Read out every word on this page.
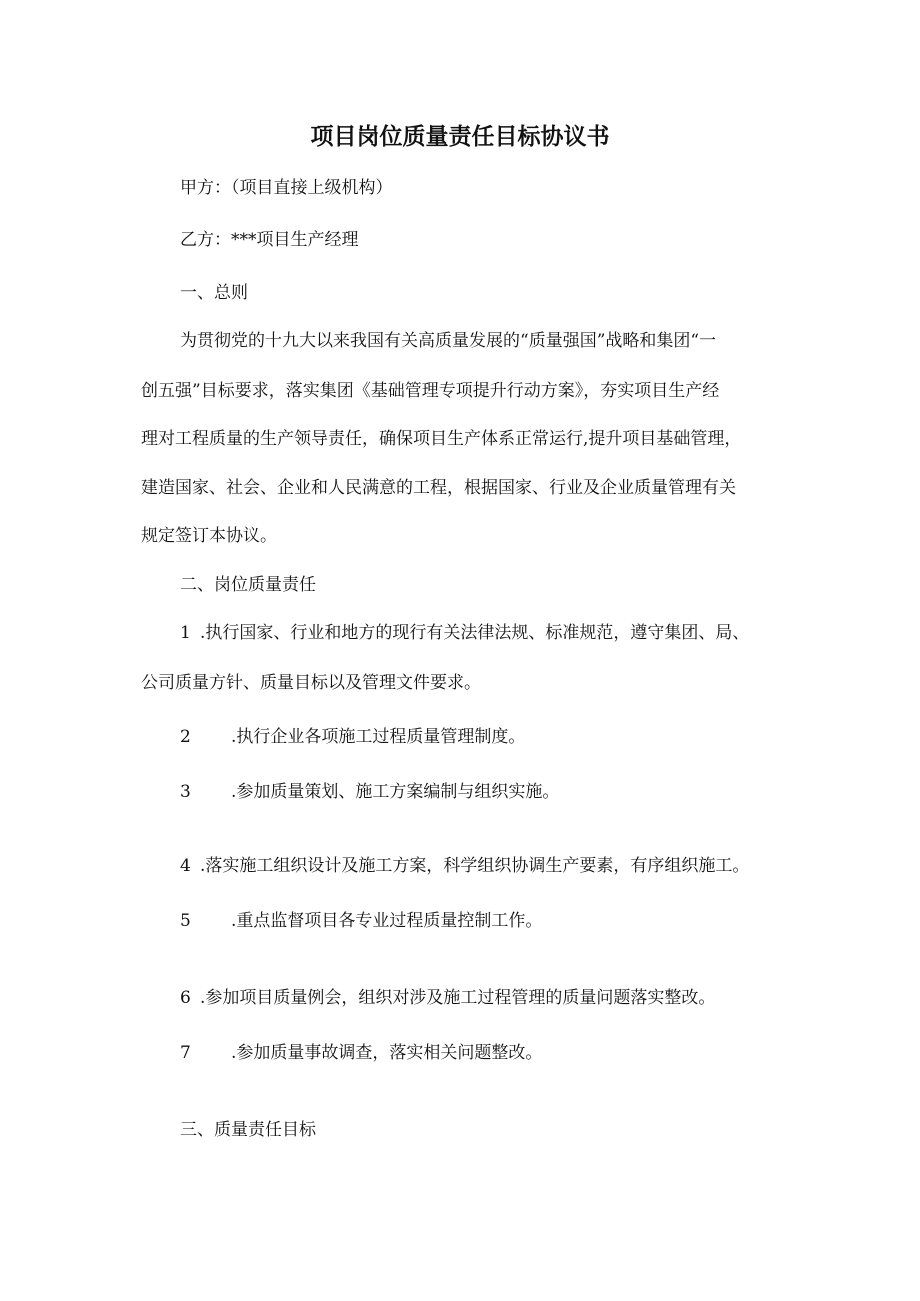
项目岗位质量责任目标协议书
甲方：（项目直接上级机构）
乙方：***项目生产经理
一、总则
为贯彻党的十九大以来我国有关高质量发展的“质量强国”战略和集团“一
创五强”目标要求，落实集团《基础管理专项提升行动方案》，夯实项目生产经
理对工程质量的生产领导责任，确保项目生产体系正常运行,提升项目基础管理，
建造国家、社会、企业和人民满意的工程，根据国家、行业及企业质量管理有关
规定签订本协议。
二、岗位质量责任
1 .执行国家、行业和地方的现行有关法律法规、标准规范，遵守集团、局、
公司质量方针、质量目标以及管理文件要求。
2 .执行企业各项施工过程质量管理制度。
3 .参加质量策划、施工方案编制与组织实施。
4 .落实施工组织设计及施工方案，科学组织协调生产要素，有序组织施工。
5 .重点监督项目各专业过程质量控制工作。
6 .参加项目质量例会，组织对涉及施工过程管理的质量问题落实整改。
7 .参加质量事故调查，落实相关问题整改。
三、质量责任目标
